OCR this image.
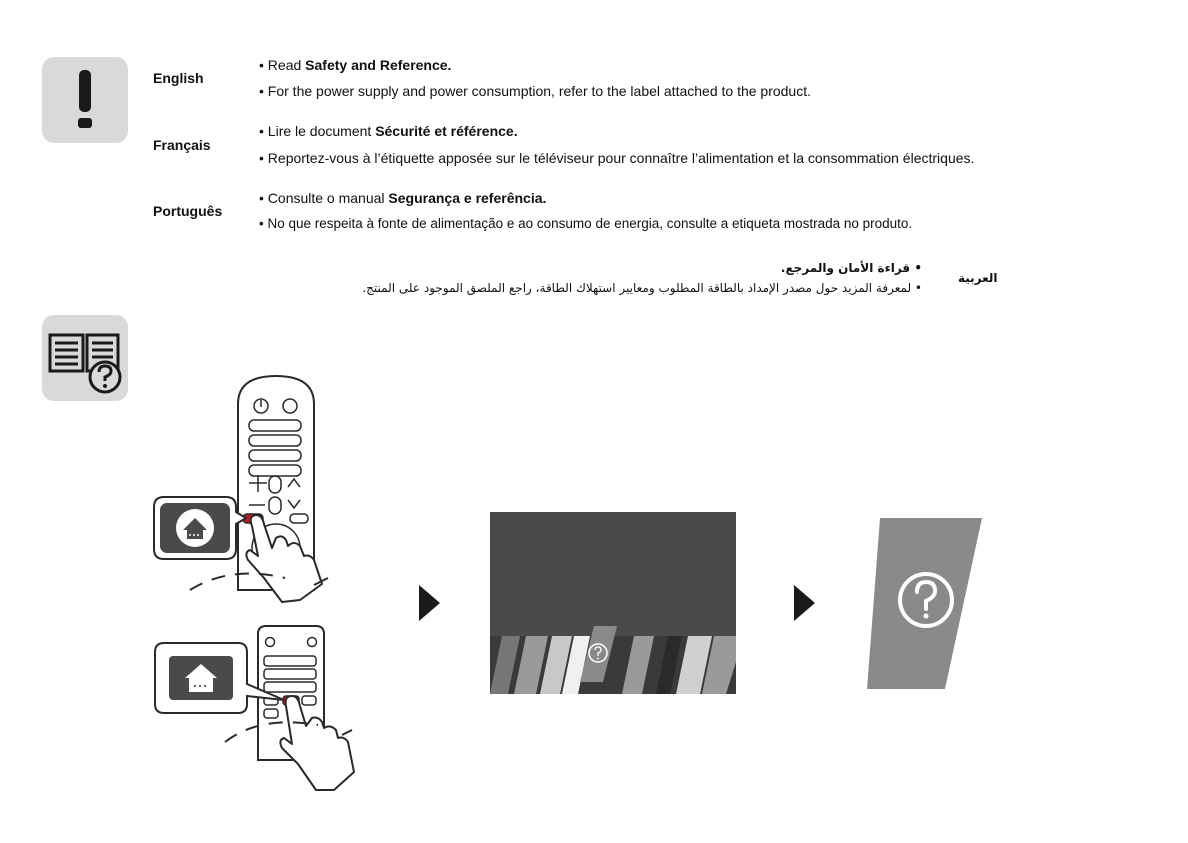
English
• Read Safety and Reference.
• For the power supply and power consumption, refer to the label attached to the product.
Français
• Lire le document Sécurité et référence.
• Reportez-vous à l’étiquette apposée sur le téléviseur pour connaître l’alimentation et la consommation électriques.
Português
• Consulte o manual Segurança e referência.
• No que respeita à fonte de alimentação e ao consumo de energia, consulte a etiqueta mostrada no produto.
• قراءة الأمان والمرجع.
• لمعرفة المزيد حول مصدر الإمداد بالطاقة المطلوب ومعايير استهلاك الطاقة، راجع الملصق الموجود على المنتج.
العربية
